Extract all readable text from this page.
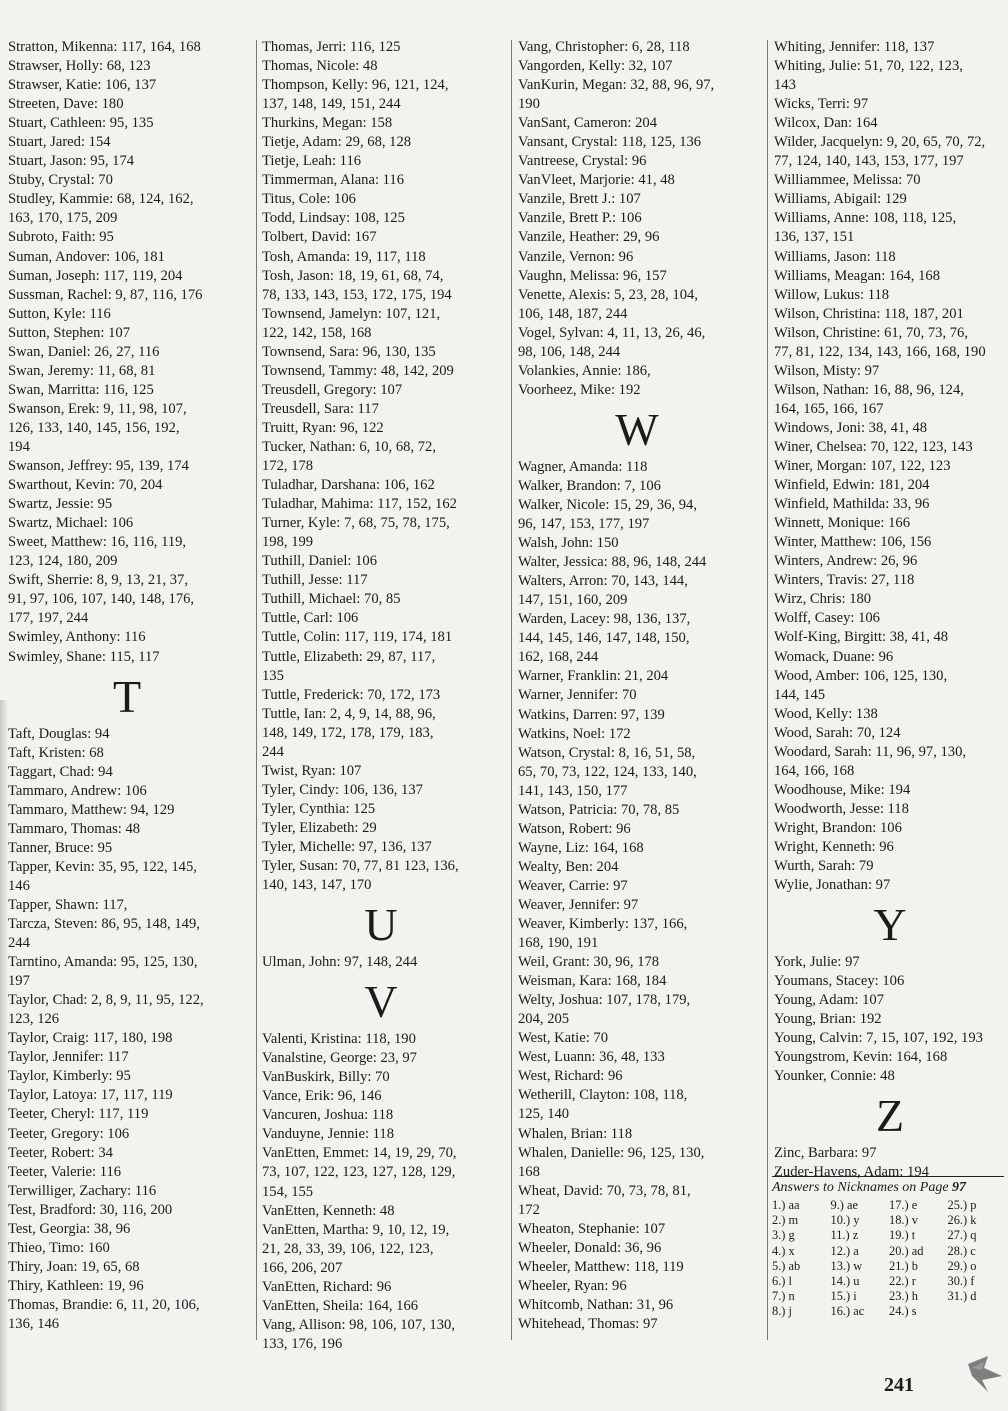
Stratton, Mikenna: 117, 164, 168
Strawser, Holly: 68, 123
Strawser, Katie: 106, 137
Streeten, Dave: 180
Stuart, Cathleen: 95, 135
Stuart, Jared: 154
Stuart, Jason: 95, 174
Stuby, Crystal: 70
Studley, Kammie: 68, 124, 162,
163, 170, 175, 209
Subroto, Faith: 95
Suman, Andover: 106, 181
Suman, Joseph: 117, 119, 204
Sussman, Rachel: 9, 87, 116, 176
Sutton, Kyle: 116
Sutton, Stephen: 107
Swan, Daniel: 26, 27, 116
Swan, Jeremy: 11, 68, 81
Swan, Marritta: 116, 125
Swanson, Erek: 9, 11, 98, 107,
126, 133, 140, 145, 156, 192,
194
Swanson, Jeffrey: 95, 139, 174
Swarthout, Kevin: 70, 204
Swartz, Jessie: 95
Swartz, Michael: 106
Sweet, Matthew: 16, 116, 119,
123, 124, 180, 209
Swift, Sherrie: 8, 9, 13, 21, 37,
91, 97, 106, 107, 140, 148, 176,
177, 197, 244
Swimley, Anthony: 116
Swimley, Shane: 115, 117
T
Taft, Douglas: 94
Taft, Kristen: 68
Taggart, Chad: 94
Tammaro, Andrew: 106
Tammaro, Matthew: 94, 129
Tammaro, Thomas: 48
Tanner, Bruce: 95
Tapper, Kevin: 35, 95, 122, 145,
146
Tapper, Shawn: 117,
Tarcza, Steven: 86, 95, 148, 149,
244
Tarntino, Amanda: 95, 125, 130,
197
Taylor, Chad: 2, 8, 9, 11, 95, 122,
123, 126
Taylor, Craig: 117, 180, 198
Taylor, Jennifer: 117
Taylor, Kimberly: 95
Taylor, Latoya: 17, 117, 119
Teeter, Cheryl: 117, 119
Teeter, Gregory: 106
Teeter, Robert: 34
Teeter, Valerie: 116
Terwilliger, Zachary: 116
Test, Bradford: 30, 116, 200
Test, Georgia: 38, 96
Thieo, Timo: 160
Thiry, Joan: 19, 65, 68
Thiry, Kathleen: 19, 96
Thomas, Brandie: 6, 11, 20, 106,
136, 146
Thomas, Jerri: 116, 125
Thomas, Nicole: 48
Thompson, Kelly: 96, 121, 124,
137, 148, 149, 151, 244
Thurkins, Megan: 158
Tietje, Adam: 29, 68, 128
Tietje, Leah: 116
Timmerman, Alana: 116
Titus, Cole: 106
Todd, Lindsay: 108, 125
Tolbert, David: 167
Tosh, Amanda: 19, 117, 118
Tosh, Jason: 18, 19, 61, 68, 74,
78, 133, 143, 153, 172, 175, 194
Townsend, Jamelyn: 107, 121,
122, 142, 158, 168
Townsend, Sara: 96, 130, 135
Townsend, Tammy: 48, 142, 209
Treusdell, Gregory: 107
Treusdell, Sara: 117
Truitt, Ryan: 96, 122
Tucker, Nathan: 6, 10, 68, 72,
172, 178
Tuladhar, Darshana: 106, 162
Tuladhar, Mahima: 117, 152, 162
Turner, Kyle: 7, 68, 75, 78, 175,
198, 199
Tuthill, Daniel: 106
Tuthill, Jesse: 117
Tuthill, Michael: 70, 85
Tuttle, Carl: 106
Tuttle, Colin: 117, 119, 174, 181
Tuttle, Elizabeth: 29, 87, 117,
135
Tuttle, Frederick: 70, 172, 173
Tuttle, Ian: 2, 4, 9, 14, 88, 96,
148, 149, 172, 178, 179, 183,
244
Twist, Ryan: 107
Tyler, Cindy: 106, 136, 137
Tyler, Cynthia: 125
Tyler, Elizabeth: 29
Tyler, Michelle: 97, 136, 137
Tyler, Susan: 70, 77, 81 123, 136,
140, 143, 147, 170
U
Ulman, John: 97, 148, 244
V
Valenti, Kristina: 118, 190
Vanalstine, George: 23, 97
VanBuskirk, Billy: 70
Vance, Erik: 96, 146
Vancuren, Joshua: 118
Vanduyne, Jennie: 118
VanEtten, Emmet: 14, 19, 29, 70,
73, 107, 122, 123, 127, 128, 129,
154, 155
VanEtten, Kenneth: 48
VanEtten, Martha: 9, 10, 12, 19,
21, 28, 33, 39, 106, 122, 123,
166, 206, 207
VanEtten, Richard: 96
VanEtten, Sheila: 164, 166
Vang, Allison: 98, 106, 107, 130,
133, 176, 196
Vang, Christopher: 6, 28, 118
Vangorden, Kelly: 32, 107
VanKurin, Megan: 32, 88, 96, 97,
190
VanSant, Cameron: 204
Vansant, Crystal: 118, 125, 136
Vantreese, Crystal: 96
VanVleet, Marjorie: 41, 48
Vanzile, Brett J.: 107
Vanzile, Brett P.: 106
Vanzile, Heather: 29, 96
Vanzile, Vernon: 96
Vaughn, Melissa: 96, 157
Venette, Alexis: 5, 23, 28, 104,
106, 148, 187, 244
Vogel, Sylvan: 4, 11, 13, 26, 46,
98, 106, 148, 244
Volankies, Annie: 186,
Voorheez, Mike: 192
W
Wagner, Amanda: 118
Walker, Brandon: 7, 106
Walker, Nicole: 15, 29, 36, 94,
96, 147, 153, 177, 197
Walsh, John: 150
Walter, Jessica: 88, 96, 148, 244
Walters, Arron: 70, 143, 144,
147, 151, 160, 209
Warden, Lacey: 98, 136, 137,
144, 145, 146, 147, 148, 150,
162, 168, 244
Warner, Franklin: 21, 204
Warner, Jennifer: 70
Watkins, Darren: 97, 139
Watkins, Noel: 172
Watson, Crystal: 8, 16, 51, 58,
65, 70, 73, 122, 124, 133, 140,
141, 143, 150, 177
Watson, Patricia: 70, 78, 85
Watson, Robert: 96
Wayne, Liz: 164, 168
Wealty, Ben: 204
Weaver, Carrie: 97
Weaver, Jennifer: 97
Weaver, Kimberly: 137, 166,
168, 190, 191
Weil, Grant: 30, 96, 178
Weisman, Kara: 168, 184
Welty, Joshua: 107, 178, 179,
204, 205
West, Katie: 70
West, Luann: 36, 48, 133
West, Richard: 96
Wetherill, Clayton: 108, 118,
125, 140
Whalen, Brian: 118
Whalen, Danielle: 96, 125, 130,
168
Wheat, David: 70, 73, 78, 81,
172
Wheaton, Stephanie: 107
Wheeler, Donald: 36, 96
Wheeler, Matthew: 118, 119
Wheeler, Ryan: 96
Whitcomb, Nathan: 31, 96
Whitehead, Thomas: 97
Whiting, Jennifer: 118, 137
Whiting, Julie: 51, 70, 122, 123,
143
Wicks, Terri: 97
Wilcox, Dan: 164
Wilder, Jacquelyn: 9, 20, 65, 70, 72,
77, 124, 140, 143, 153, 177, 197
Williammee, Melissa: 70
Williams, Abigail: 129
Williams, Anne: 108, 118, 125,
136, 137, 151
Williams, Jason: 118
Williams, Meagan: 164, 168
Willow, Lukus: 118
Wilson, Christina: 118, 187, 201
Wilson, Christine: 61, 70, 73, 76,
77, 81, 122, 134, 143, 166, 168, 190
Wilson, Misty: 97
Wilson, Nathan: 16, 88, 96, 124,
164, 165, 166, 167
Windows, Joni: 38, 41, 48
Winer, Chelsea: 70, 122, 123, 143
Winer, Morgan: 107, 122, 123
Winfield, Edwin: 181, 204
Winfield, Mathilda: 33, 96
Winnett, Monique: 166
Winter, Matthew: 106, 156
Winters, Andrew: 26, 96
Winters, Travis: 27, 118
Wirz, Chris: 180
Wolff, Casey: 106
Wolf-King, Birgitt: 38, 41, 48
Womack, Duane: 96
Wood, Amber: 106, 125, 130,
144, 145
Wood, Kelly: 138
Wood, Sarah: 70, 124
Woodard, Sarah: 11, 96, 97, 130,
164, 166, 168
Woodhouse, Mike: 194
Woodworth, Jesse: 118
Wright, Brandon: 106
Wright, Kenneth: 96
Wurth, Sarah: 79
Wylie, Jonathan: 97
Y
York, Julie: 97
Youmans, Stacey: 106
Young, Adam: 107
Young, Brian: 192
Young, Calvin: 7, 15, 107, 192, 193
Youngstrom, Kevin: 164, 168
Younker, Connie: 48
Z
Zinc, Barbara: 97
Zuder-Havens, Adam: 194
Answers to Nicknames on Page 97
1.) aa	9.) ae	17.) e	25.) p
2.) m	10.) y	18.) v	26.) k
3.) g	11.) z	19.) t	27.) q
4.) x	12.) a	20.) ad	28.) c
5.) ab	13.) w	21.) b	29.) o
6.) l	14.) u	22.) r	30.) f
7.) n	15.) i	23.) h	31.) d
8.) j	16.) ac	24.) s
241
